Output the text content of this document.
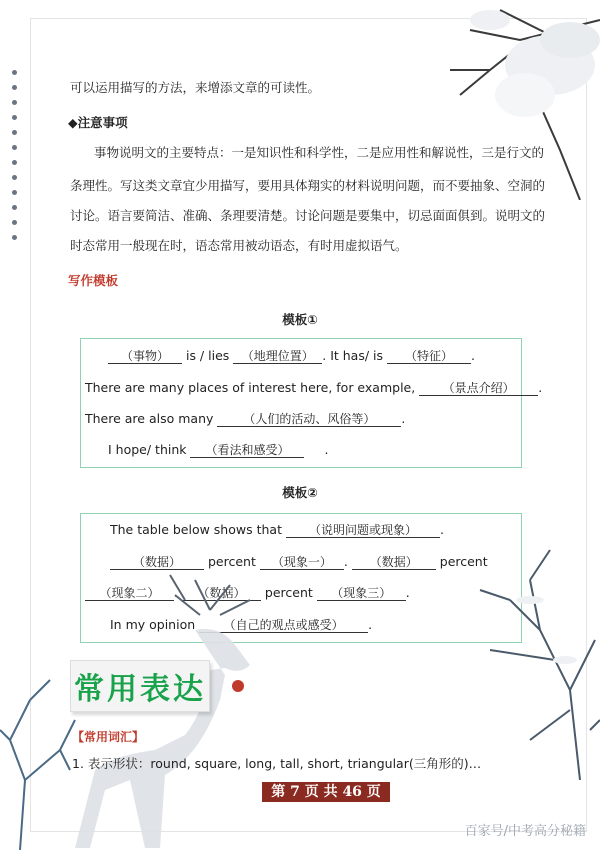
可以运用描写的方法，来增添文章的可读性。
◆注意事项
事物说明文的主要特点：一是知识性和科学性，二是应用性和解说性，三是行文的
条理性。写这类文章宜少用描写，要用具体翔实的材料说明问题，而不要抽象、空洞的
讨论。语言要简洁、准确、条理要清楚。讨论问题是要集中，切忌面面俱到。说明文的
时态常用一般现在时，语态常用被动语态，有时用虚拟语气。
写作模板
模板①
（事物） is / lies （地理位置） . It has/ is （特征） .
There are many places of interest here, for example, （景点介绍） .
There are also many （人们的活动、风俗等） .
I hope/ think （看法和感受）	.
模板②
The table below shows that （说明问题或现象） .
（数据） percent （现象一） . （数据） percent
（现象二） . （数据） percent （现象三） .
In my opinion （自己的观点或感受） .
常用表达
【常用词汇】
1. 表示形状：round, square, long, tall, short, triangular(三角形的)…
第 7 页 共 46 页
百家号/中考高分秘籍
